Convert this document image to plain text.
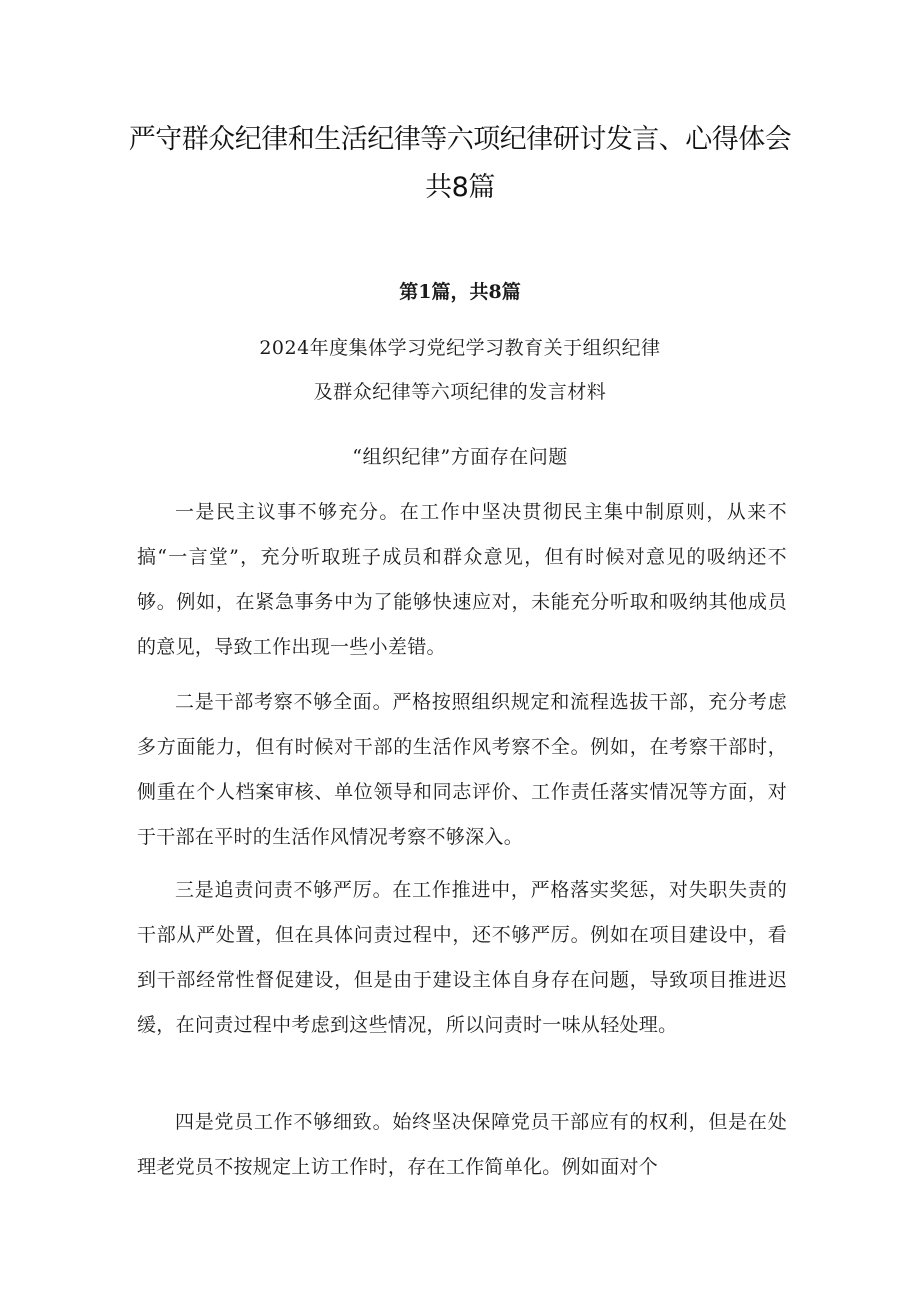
严守群众纪律和生活纪律等六项纪律研讨发言、心得体会共8篇
第1篇，共8篇
2024年度集体学习党纪学习教育关于组织纪律
及群众纪律等六项纪律的发言材料
“组织纪律”方面存在问题

一是民主议事不够充分。在工作中坚决贯彻民主集中制原则，从来不搞“一言堂”，充分听取班子成员和群众意见，但有时候对意见的吸纳还不够。例如，在紧急事务中为了能够快速应对，未能充分听取和吸纳其他成员的意见，导致工作出现一些小差错。

二是干部考察不够全面。严格按照组织规定和流程选拔干部，充分考虑多方面能力，但有时候对干部的生活作风考察不全。例如，在考察干部时，侧重在个人档案审核、单位领导和同志评价、工作责任落实情况等方面，对于干部在平时的生活作风情况考察不够深入。

三是追责问责不够严厉。在工作推进中，严格落实奖惩，对失职失责的干部从严处置，但在具体问责过程中，还不够严厉。例如在项目建设中，看到干部经常性督促建设，但是由于建设主体自身存在问题，导致项目推进迟缓，在问责过程中考虑到这些情况，所以问责时一味从轻处理。

四是党员工作不够细致。始终坚决保障党员干部应有的权利，但是在处理老党员不按规定上访工作时，存在工作简单化。例如面对个
